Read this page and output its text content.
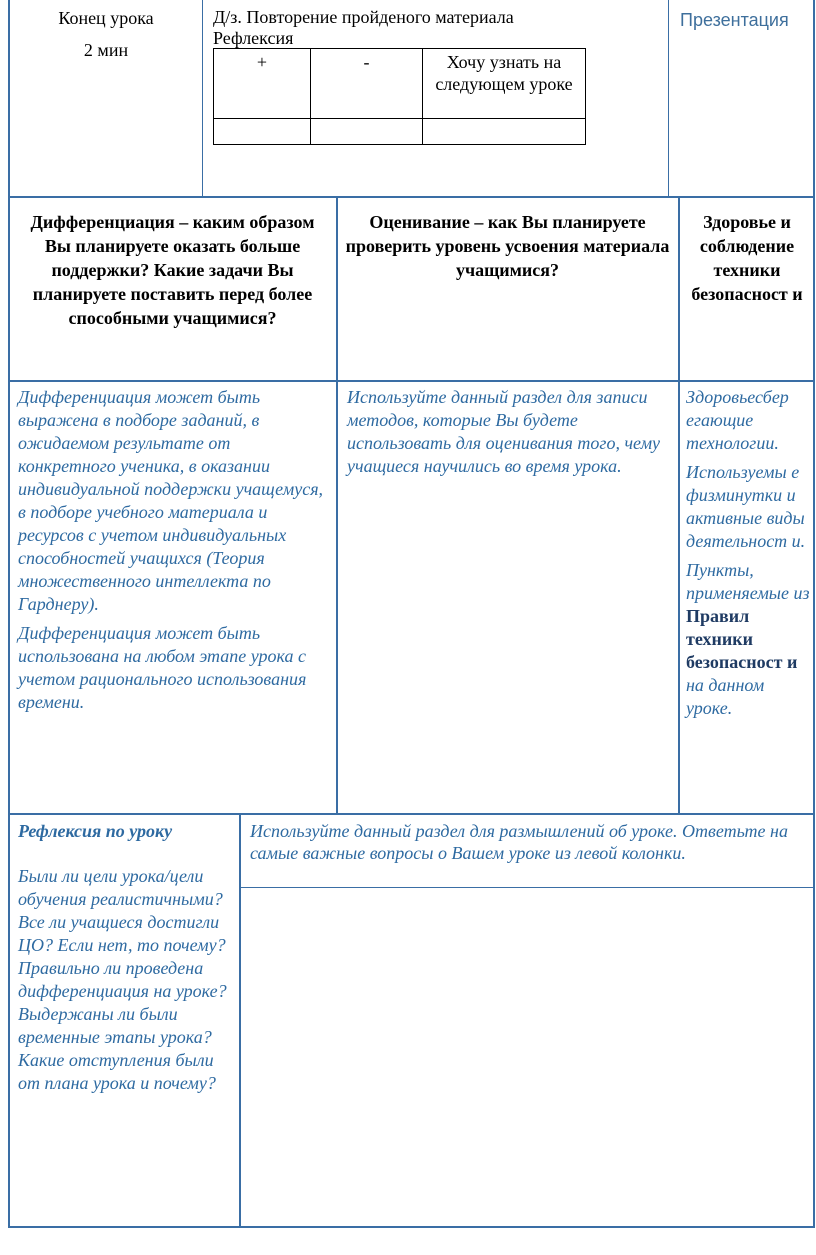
Конец урока
2 мин
Д/з. Повторение пройденого материала
Рефлексия
+	-	Хочу узнать на следующем уроке
Презентация
Дифференциация – каким образом Вы планируете оказать больше поддержки? Какие задачи Вы планируете поставить перед более способными учащимися?
Оценивание – как Вы планируете проверить уровень усвоения материала учащимися?
Здоровье и соблюдение техники безопасност и

Дифференциация может быть выражена в подборе заданий, в ожидаемом результате от конкретного ученика, в оказании индивидуальной поддержки учащемуся, в подборе учебного материала и ресурсов с учетом индивидуальных способностей учащихся (Теория множественного интеллекта по Гарднеру).

Дифференциация может быть использована на любом этапе урока с учетом рационального использования времени.

Используйте данный раздел для записи методов, которые Вы будете использовать для оценивания того, чему учащиеся научились во время урока.

Здоровьесбер егающие технологии.

Используемы е физминутки и активные виды деятельност и.

Пункты, применяемые из Правил техники безопасност и на данном уроке.

Рефлексия по уроку
Были ли цели урока/цели обучения реалистичными? Все ли учащиеся достигли ЦО? Если нет, то почему? Правильно ли проведена дифференциация на уроке? Выдержаны ли были временные этапы урока? Какие отступления были от плана урока и почему?
Используйте данный раздел для размышлений об уроке. Ответьте на самые важные вопросы о Вашем уроке из левой колонки.
